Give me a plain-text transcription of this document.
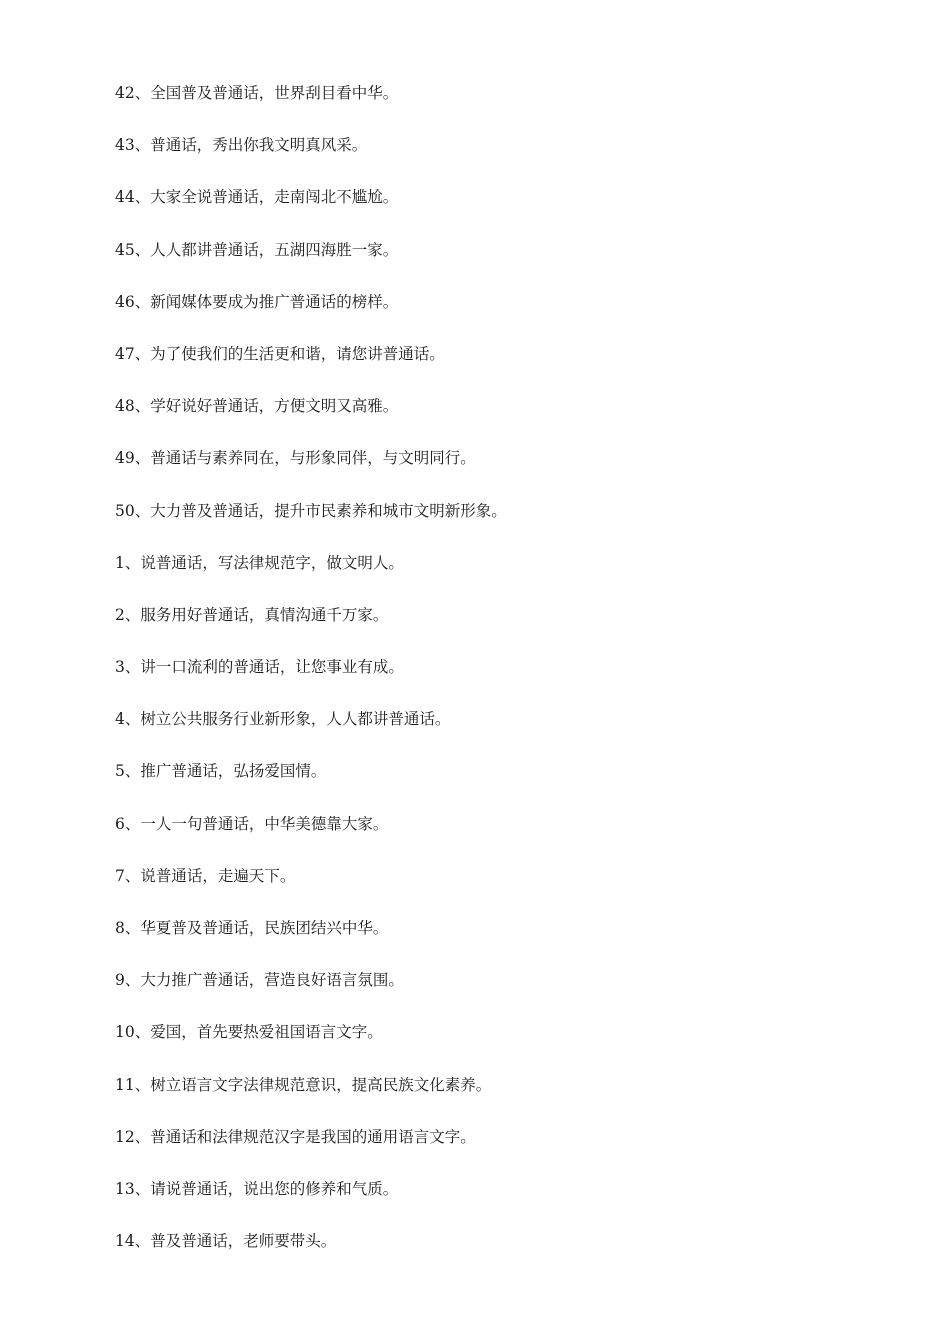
42、全国普及普通话，世界刮目看中华。
43、普通话，秀出你我文明真风采。
44、大家全说普通话，走南闯北不尴尬。
45、人人都讲普通话，五湖四海胜一家。
46、新闻媒体要成为推广普通话的榜样。
47、为了使我们的生活更和谐，请您讲普通话。
48、学好说好普通话，方便文明又高雅。
49、普通话与素养同在，与形象同伴，与文明同行。
50、大力普及普通话，提升市民素养和城市文明新形象。
1、说普通话，写法律规范字，做文明人。
2、服务用好普通话，真情沟通千万家。
3、讲一口流利的普通话，让您事业有成。
4、树立公共服务行业新形象，人人都讲普通话。
5、推广普通话，弘扬爱国情。
6、一人一句普通话，中华美德靠大家。
7、说普通话，走遍天下。
8、华夏普及普通话，民族团结兴中华。
9、大力推广普通话，营造良好语言氛围。
10、爱国，首先要热爱祖国语言文字。
11、树立语言文字法律规范意识，提高民族文化素养。
12、普通话和法律规范汉字是我国的通用语言文字。
13、请说普通话，说出您的修养和气质。
14、普及普通话，老师要带头。
